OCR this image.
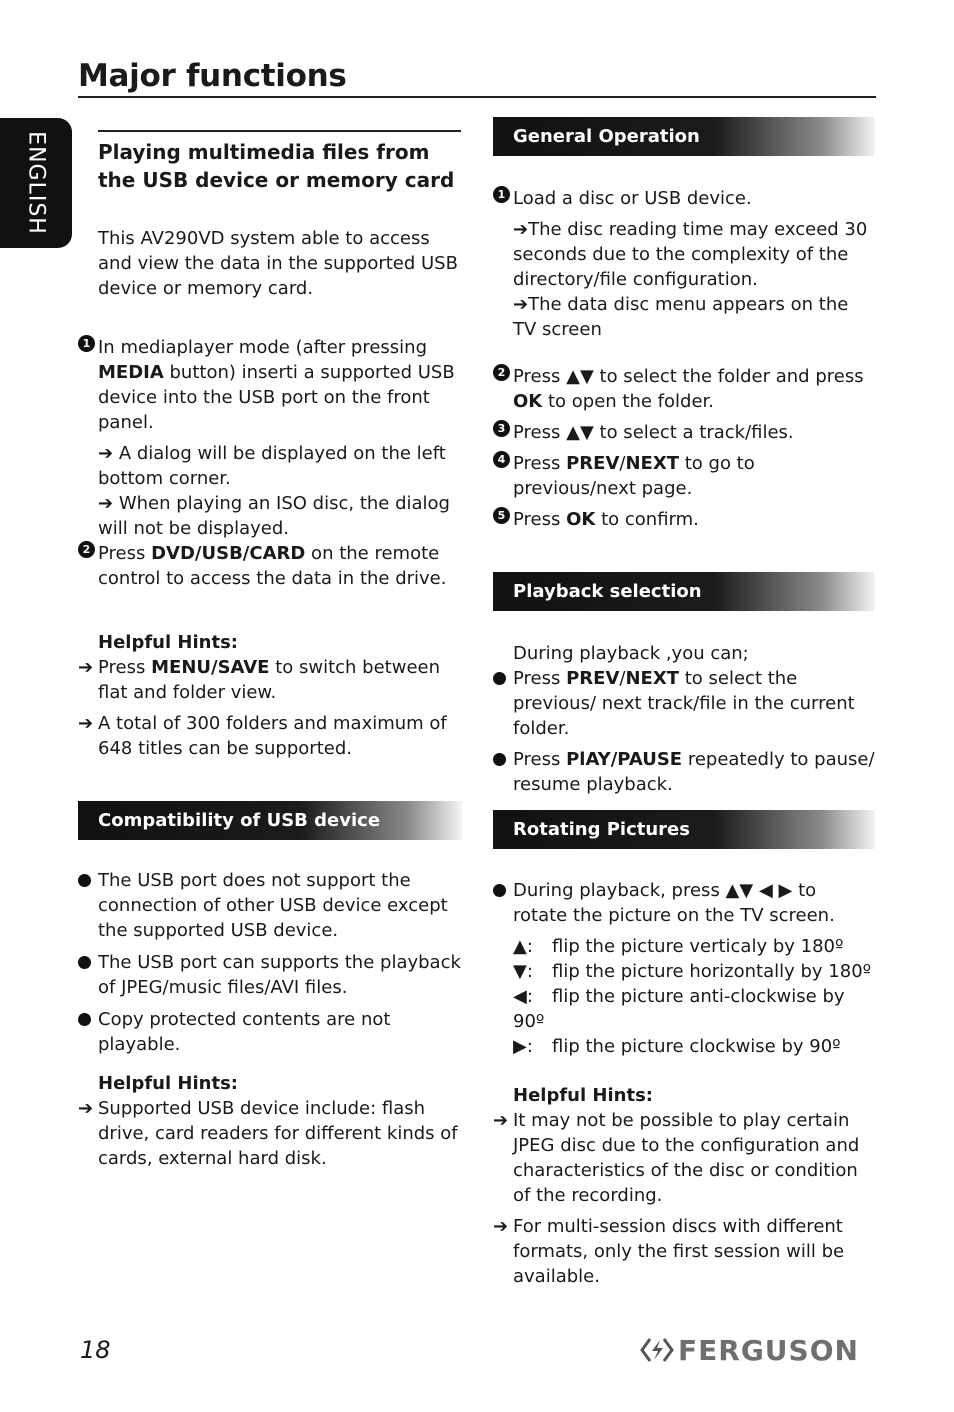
Major functions
ENGLISH Playing multimedia files from the USB device or memory card
This AV290VD system able to access and view the data in the supported USB device or memory card.
1 In mediaplayer mode (after pressing MEDIA button) inserti a supported USB device into the USB port on the front panel.
➔ A dialog will be displayed on the left bottom corner.
➔ When playing an ISO disc, the dialog will not be displayed.
2 Press DVD/USB/CARD on the remote control to access the data in the drive.
Helpful Hints:
➔ Press MENU/SAVE to switch between flat and folder view.
➔ A total of 300 folders and maximum of 648 titles can be supported.
Compatibility of USB device
The USB port does not support the connection of other USB device except the supported USB device.
The USB port can supports the playback of JPEG/music files/AVI files.
Copy protected contents are not playable.
Helpful Hints:
➔ Supported USB device include: flash drive, card readers for different kinds of cards, external hard disk.
General Operation
1 Load a disc or USB device.
➔The disc reading time may exceed 30 seconds due to the complexity of the directory/file configuration.
➔The data disc menu appears on the TV screen
2 Press ▲▼ to select the folder and press OK to open the folder.
3 Press ▲▼ to select a track/files.
4 Press PREV/NEXT to go to previous/next page.
5 Press OK to confirm.
Playback selection
During playback ,you can;
Press PREV/NEXT to select the previous/ next track/file in the current folder.
Press PlAY/PAUSE repeatedly to pause/ resume playback.
Rotating Pictures
During playback, press ▲▼ ◀ ▶ to rotate the picture on the TV screen.
▲: flip the picture verticaly by 180º
▼: flip the picture horizontally by 180º
◀: flip the picture anti-clockwise by 90º
▶: flip the picture clockwise by 90º
Helpful Hints:
➔ It may not be possible to play certain JPEG disc due to the configuration and characteristics of the disc or condition of the recording.
➔ For multi-session discs with different formats, only the first session will be available.
18	FERGUSON
